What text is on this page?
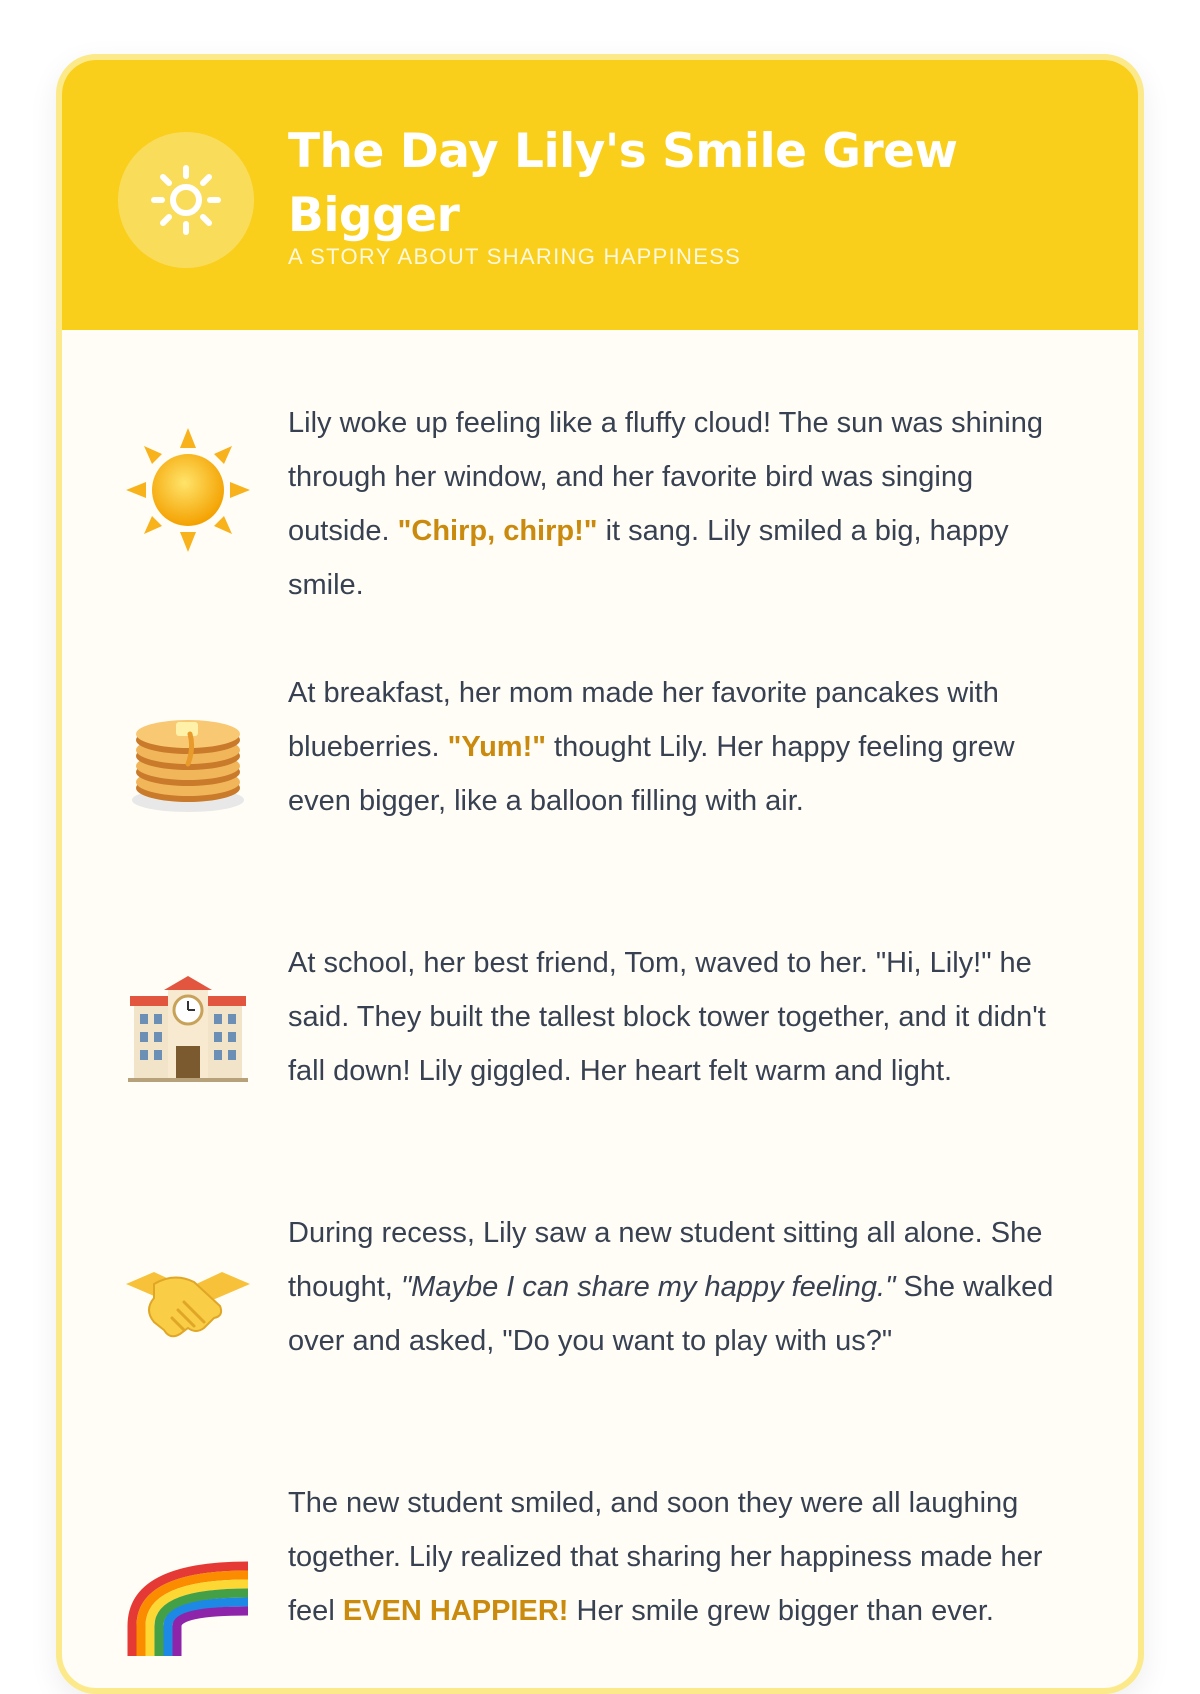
The Day Lily's Smile Grew Bigger
A STORY ABOUT SHARING HAPPINESS

Lily woke up feeling like a fluffy cloud! The sun was shining through her window, and her favorite bird was singing outside. "Chirp, chirp!" it sang. Lily smiled a big, happy smile.

At breakfast, her mom made her favorite pancakes with blueberries. "Yum!" thought Lily. Her happy feeling grew even bigger, like a balloon filling with air.

At school, her best friend, Tom, waved to her. "Hi, Lily!" he said. They built the tallest block tower together, and it didn't fall down! Lily giggled. Her heart felt warm and light.

During recess, Lily saw a new student sitting all alone. She thought, "Maybe I can share my happy feeling." She walked over and asked, "Do you want to play with us?"

The new student smiled, and soon they were all laughing together. Lily realized that sharing her happiness made her feel EVEN HAPPIER! Her smile grew bigger than ever.
